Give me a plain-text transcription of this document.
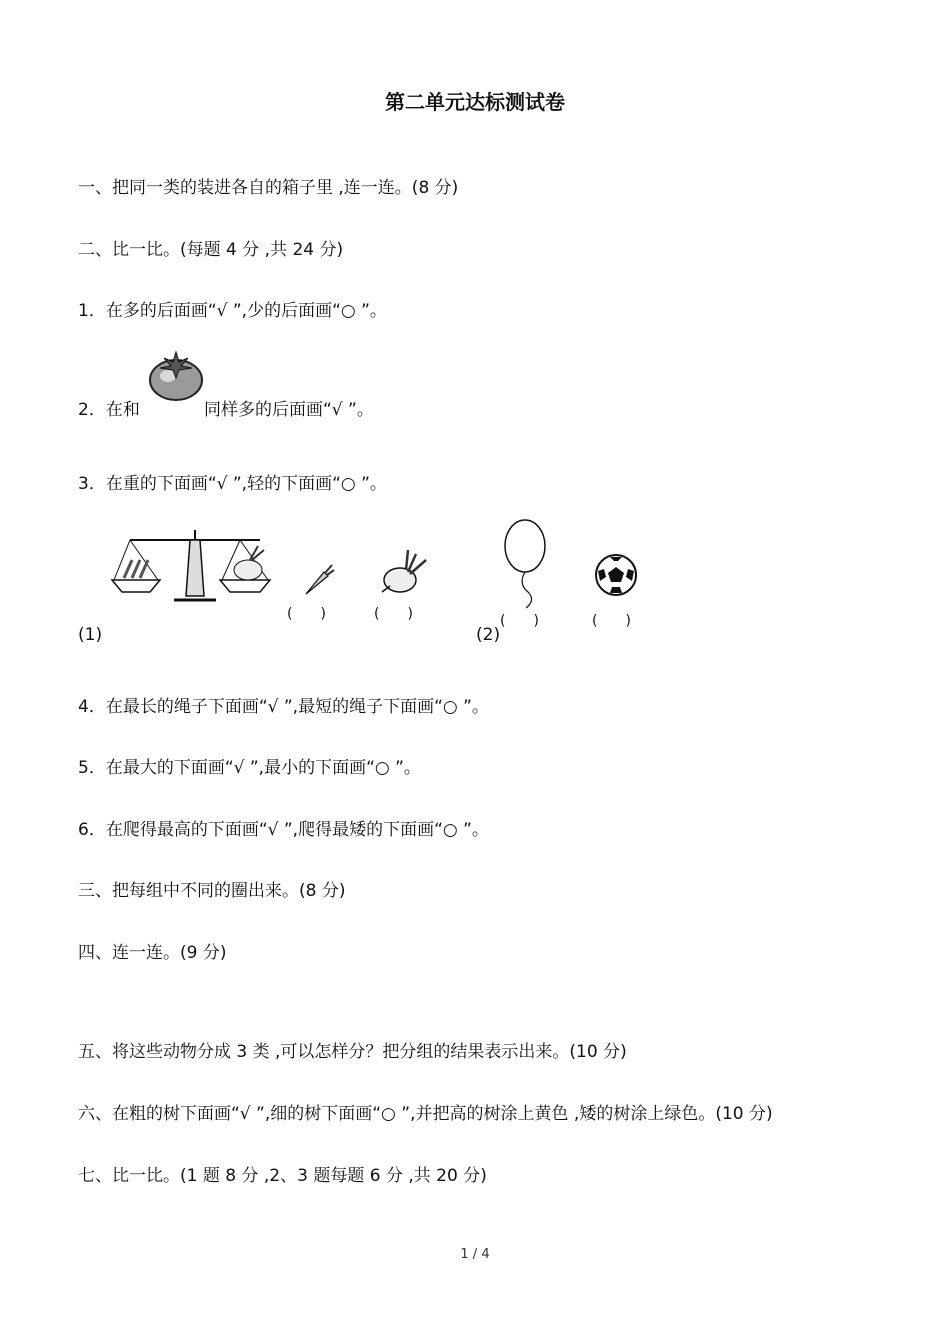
第二单元达标测试卷
一、把同一类的装进各自的箱子里 ,连一连。(8 分)
二、比一比。(每题 4 分 ,共 24 分)
1．在多的后面画“√ ”,少的后面画“○ ”。
2．在和	同样多的后面画“√ ”。
3．在重的下面画“√ ”,轻的下面画“○ ”。
(　　)	(　　)
(1)	(2)
(　　)	(　　)
4．在最长的绳子下面画“√ ”,最短的绳子下面画“○ ”。
5．在最大的下面画“√ ”,最小的下面画“○ ”。
6．在爬得最高的下面画“√ ”,爬得最矮的下面画“○ ”。
三、把每组中不同的圈出来。(8 分)
四、连一连。(9 分)
五、将这些动物分成 3 类 ,可以怎样分？把分组的结果表示出来。(10 分)
六、在粗的树下面画“√ ”,细的树下面画“○ ”,并把高的树涂上黄色 ,矮的树涂上绿色。(10 分)
七、比一比。(1 题 8 分 ,2、3 题每题 6 分 ,共 20 分)
1 / 4
